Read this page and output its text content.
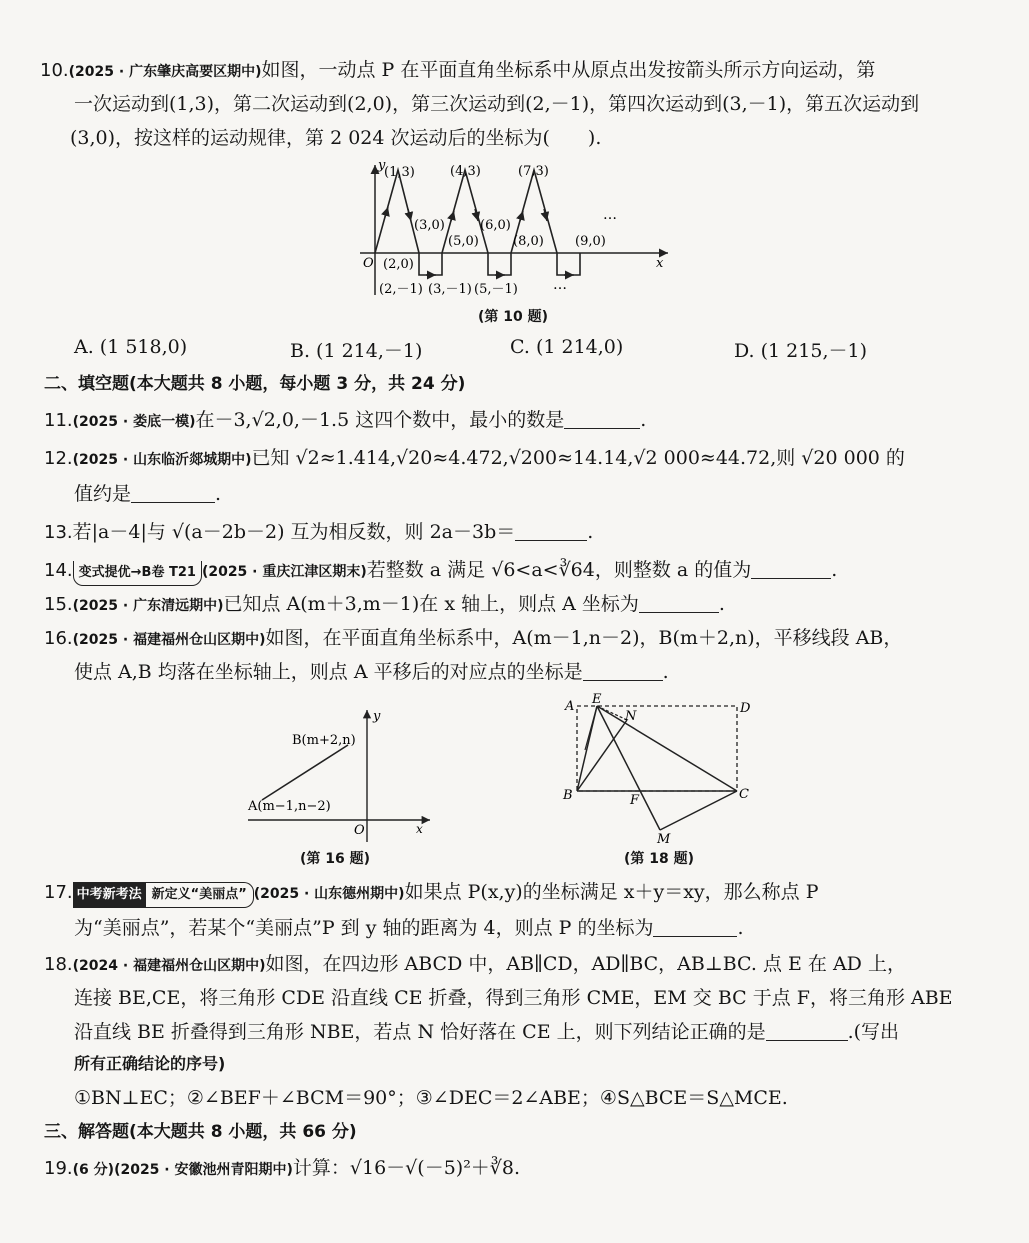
10.(2025 · 广东肇庆高要区期中)如图，一动点 P 在平面直角坐标系中从原点出发按箭头所示方向运动，第
一次运动到(1,3)，第二次运动到(2,0)，第三次运动到(2,－1)，第四次运动到(3,－1)，第五次运动到
(3,0)，按这样的运动规律，第 2 024 次运动后的坐标为(　　).
y
x
O
(1,3)	(4,3)	(7,3)
(3,0)	(6,0)
(5,0)	(8,0) (9,0)
(2,0)
(2,－1) (3,－1) (5,－1)
…
…
(第 10 题)
A. (1 518,0)	B. (1 214,－1)	C. (1 214,0)	D. (1 215,－1)
二、填空题(本大题共 8 小题，每小题 3 分，共 24 分)
11.(2025 · 娄底一模)在－3,√2,0,－1.5 这四个数中，最小的数是	.
12.(2025 · 山东临沂郯城期中)已知 √2≈1.414,√20≈4.472,√200≈14.14,√2 000≈44.72,则 √20 000 的
值约是	.
13.若|a－4|与 √(a－2b－2) 互为相反数，则 2a－3b＝	.
14. 变式提优→B卷 T21 (2025 · 重庆江津区期末)若整数 a 满足 √6<a<∛64，则整数 a 的值为	.
15.(2025 · 广东清远期中)已知点 A(m＋3,m－1)在 x 轴上，则点 A 坐标为	.
16.(2025 · 福建福州仓山区期中)如图，在平面直角坐标系中，A(m－1,n－2)，B(m＋2,n)，平移线段 AB，
使点 A,B 均落在坐标轴上，则点 A 平移后的对应点的坐标是	.
y
x
O
B(m+2,n)
A(m−1,n−2)
(第 16 题)
A E
N
D
B	F	C
M
(第 18 题)
17. 中考新考法 新定义“美丽点” (2025 · 山东德州期中)如果点 P(x,y)的坐标满足 x＋y＝xy，那么称点 P
为“美丽点”，若某个“美丽点”P 到 y 轴的距离为 4，则点 P 的坐标为	.
18.(2024 · 福建福州仓山区期中)如图，在四边形 ABCD 中，AB∥CD，AD∥BC，AB⊥BC. 点 E 在 AD 上，
连接 BE,CE，将三角形 CDE 沿直线 CE 折叠，得到三角形 CME，EM 交 BC 于点 F，将三角形 ABE
沿直线 BE 折叠得到三角形 NBE，若点 N 恰好落在 CE 上，则下列结论正确的是	.(写出
所有正确结论的序号)
①BN⊥EC；②∠BEF＋∠BCM＝90°；③∠DEC＝2∠ABE；④S△BCE＝S△MCE.
三、解答题(本大题共 8 小题，共 66 分)
19.(6 分)(2025 · 安徽池州青阳期中)计算：√16－√(－5)²＋∛8.
